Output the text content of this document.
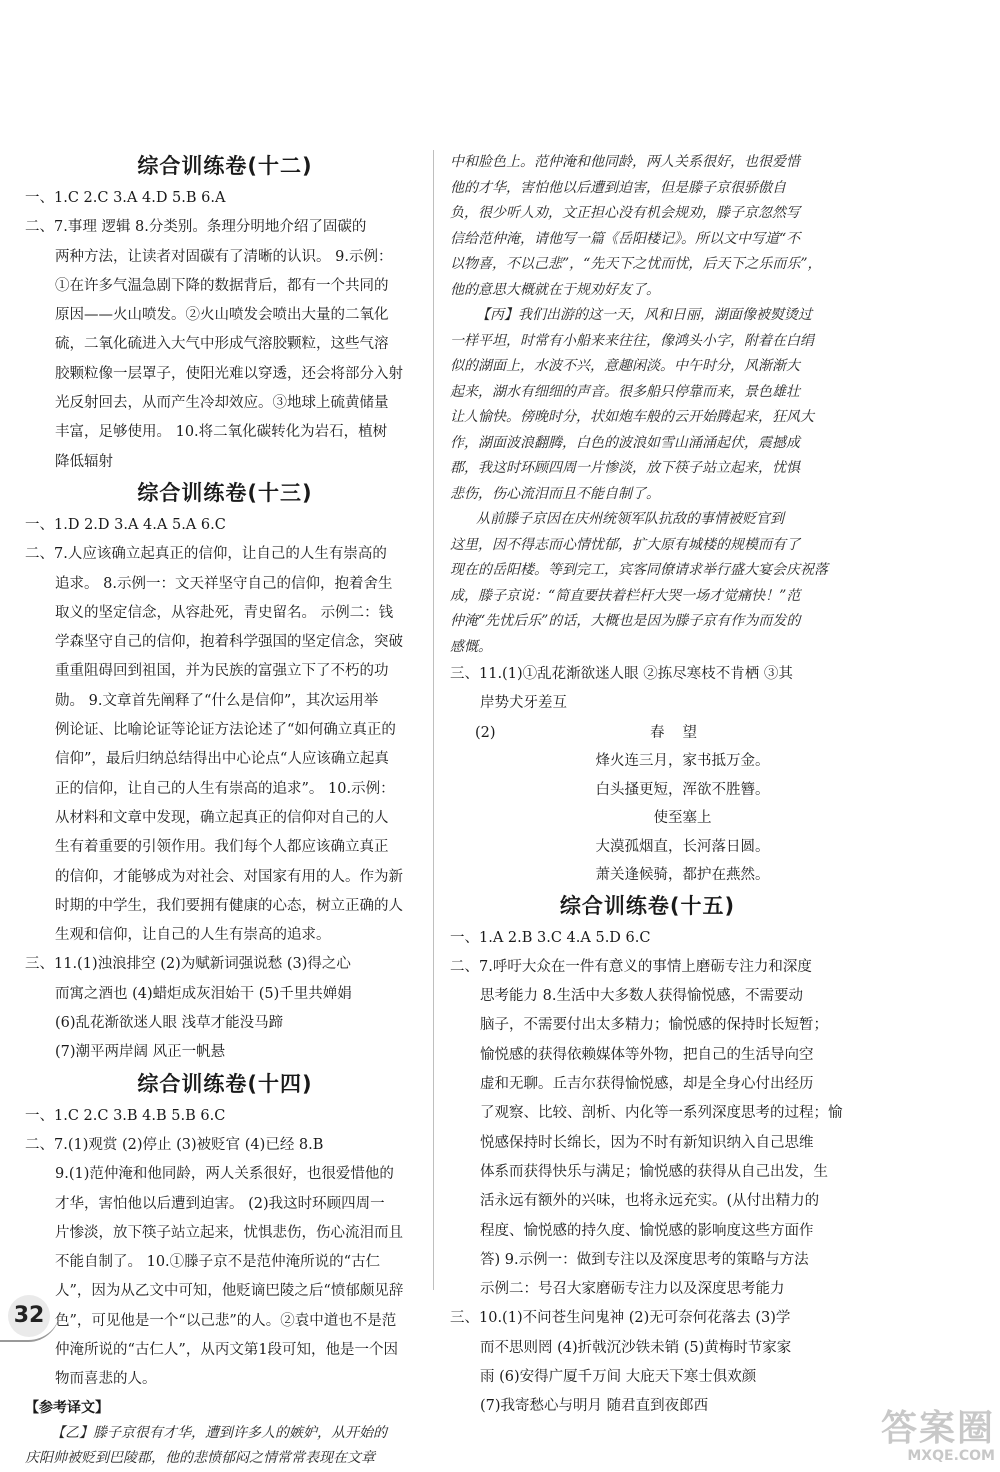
综合训练卷(十二)
一、1.C 2.C 3.A 4.D 5.B 6.A
二、7.事理 逻辑 8.分类别。条理分明地介绍了固碳的
两种方法，让读者对固碳有了清晰的认识。 9.示例：
①在许多气温急剧下降的数据背后，都有一个共同的
原因——火山喷发。②火山喷发会喷出大量的二氧化
硫，二氧化硫进入大气中形成气溶胶颗粒，这些气溶
胶颗粒像一层罩子，使阳光难以穿透，还会将部分入射
光反射回去，从而产生冷却效应。③地球上硫黄储量
丰富，足够使用。 10.将二氧化碳转化为岩石，植树
降低辐射
综合训练卷(十三)
一、1.D 2.D 3.A 4.A 5.A 6.C
二、7.人应该确立起真正的信仰，让自己的人生有崇高的
追求。 8.示例一：文天祥坚守自己的信仰，抱着舍生
取义的坚定信念，从容赴死，青史留名。 示例二：钱
学森坚守自己的信仰，抱着科学强国的坚定信念，突破
重重阻碍回到祖国，并为民族的富强立下了不朽的功
勋。 9.文章首先阐释了“什么是信仰”，其次运用举
例论证、比喻论证等论证方法论述了“如何确立真正的
信仰”，最后归纳总结得出中心论点“人应该确立起真
正的信仰，让自己的人生有崇高的追求”。 10.示例：
从材料和文章中发现，确立起真正的信仰对自己的人
生有着重要的引领作用。我们每个人都应该确立真正
的信仰，才能够成为对社会、对国家有用的人。作为新
时期的中学生，我们要拥有健康的心态，树立正确的人
生观和信仰，让自己的人生有崇高的追求。
三、11.(1)浊浪排空 (2)为赋新词强说愁 (3)得之心
而寓之酒也 (4)蜡炬成灰泪始干 (5)千里共婵娟
(6)乱花渐欲迷人眼 浅草才能没马蹄
(7)潮平两岸阔 风正一帆悬
综合训练卷(十四)
一、1.C 2.C 3.B 4.B 5.B 6.C
二、7.(1)观赏 (2)停止 (3)被贬官 (4)已经 8.B
9.(1)范仲淹和他同龄，两人关系很好，也很爱惜他的
才华，害怕他以后遭到迫害。 (2)我这时环顾四周一
片惨淡，放下筷子站立起来，忧惧悲伤，伤心流泪而且
不能自制了。 10.①滕子京不是范仲淹所说的“古仁
人”，因为从乙文中可知，他贬谪巴陵之后“愤郁颇见辞
色”，可见他是一个“以己悲”的人。②袁中道也不是范
仲淹所说的“古仁人”，从丙文第1段可知，他是一个因
物而喜悲的人。
【参考译文】
【乙】滕子京很有才华，遭到许多人的嫉妒，从开始的
庆阳帅被贬到巴陵郡，他的悲愤郁闷之情常常表现在文章
中和脸色上。范仲淹和他同龄，两人关系很好，也很爱惜
他的才华，害怕他以后遭到迫害，但是滕子京很骄傲自
负，很少听人劝，文正担心没有机会规劝，滕子京忽然写
信给范仲淹，请他写一篇《岳阳楼记》。所以文中写道“不
以物喜，不以己悲”，“先天下之忧而忧，后天下之乐而乐”，
他的意思大概就在于规劝好友了。
【丙】我们出游的这一天，风和日丽，湖面像被熨烫过
一样平坦，时常有小船来来往往，像鸿头小字，附着在白绢
似的湖面上，水波不兴，意趣闲淡。中午时分，风渐渐大
起来，湖水有细细的声音。很多船只停靠而来，景色雄壮
让人愉快。傍晚时分，状如炮车般的云开始腾起来，狂风大
作，湖面波浪翻腾，白色的波浪如雪山涌涌起伏，震撼成
郡，我这时环顾四周一片惨淡，放下筷子站立起来，忧惧
悲伤，伤心流泪而且不能自制了。
从前滕子京因在庆州统领军队抗敌的事情被贬官到
这里，因不得志而心情忧郁，扩大原有城楼的规模而有了
现在的岳阳楼。等到完工，宾客同僚请求举行盛大宴会庆祝落
成，滕子京说：“简直要扶着栏杆大哭一场才觉痛快！”范
仲淹“先忧后乐”的话，大概也是因为滕子京有作为而发的
感慨。
三、11.(1)①乱花渐欲迷人眼 ②拣尽寒枝不肯栖 ③其
岸势犬牙差互
(2)	春望
烽火连三月，家书抵万金。
白头搔更短，浑欲不胜簪。
使至塞上
大漠孤烟直，长河落日圆。
萧关逢候骑，都护在燕然。
综合训练卷(十五)
一、1.A 2.B 3.C 4.A 5.D 6.C
二、7.呼吁大众在一件有意义的事情上磨砺专注力和深度
思考能力 8.生活中大多数人获得愉悦感，不需要动
脑子，不需要付出太多精力；愉悦感的保持时长短暂；
愉悦感的获得依赖媒体等外物，把自己的生活导向空
虚和无聊。丘吉尔获得愉悦感，却是全身心付出经历
了观察、比较、剖析、内化等一系列深度思考的过程；愉
悦感保持时长绵长，因为不时有新知识纳入自己思维
体系而获得快乐与满足；愉悦感的获得从自己出发，生
活永远有额外的兴味，也将永远充实。(从付出精力的
程度、愉悦感的持久度、愉悦感的影响度这些方面作
答) 9.示例一：做到专注以及深度思考的策略与方法
示例二：号召大家磨砺专注力以及深度思考能力
三、10.(1)不问苍生问鬼神 (2)无可奈何花落去 (3)学
而不思则罔 (4)折戟沉沙铁未销 (5)黄梅时节家家
雨 (6)安得广厦千万间 大庇天下寒士俱欢颜
(7)我寄愁心与明月 随君直到夜郎西
32
答案圈
MXQE.COM
